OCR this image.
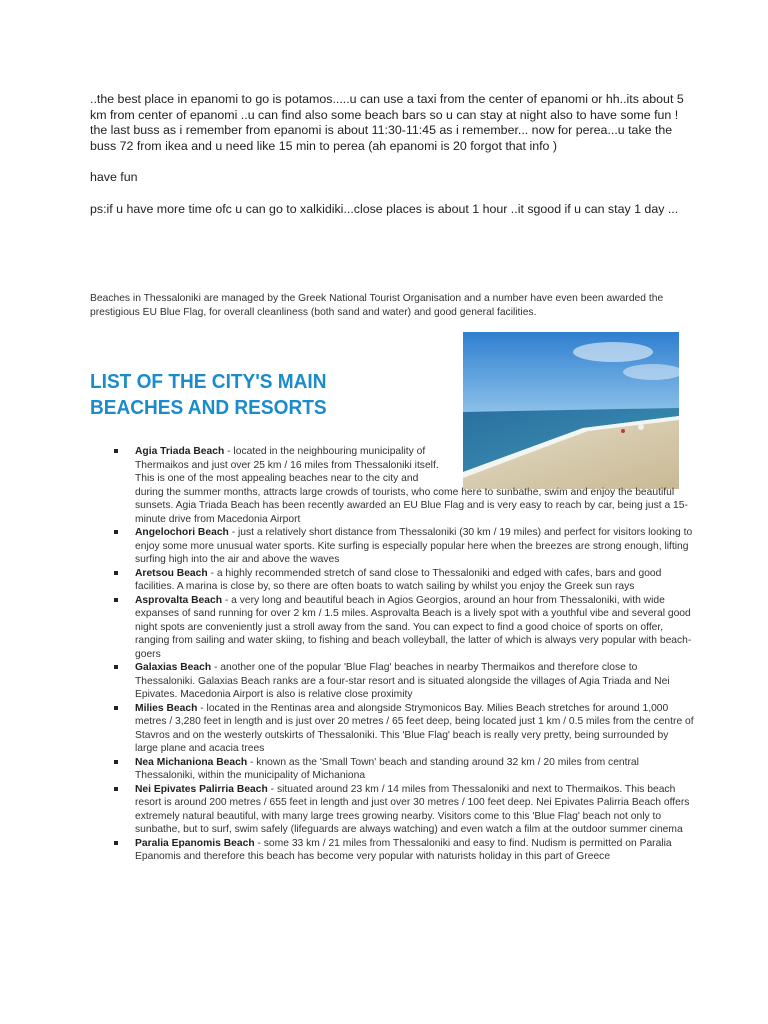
..the best place in epanomi to go is potamos.....u can use a taxi from the center of epanomi or hh..its about 5 km from center of epanomi ..u can find also some beach bars so u can stay at night also to have some fun ! the last buss as i remember from epanomi is about 11:30-11:45 as i remember... now for perea...u take the buss 72 from ikea and u need like 15 min to perea (ah epanomi is 20 forgot that info )

have fun

ps:if u have more time ofc u can go to xalkidiki...close places is about 1 hour ..it sgood if u can stay 1 day ...

Beaches in Thessaloniki are managed by the Greek National Tourist Organisation and a number have even been awarded the prestigious EU Blue Flag, for overall cleanliness (both sand and water) and good general facilities.
LIST OF THE CITY'S MAIN BEACHES AND RESORTS
Agia Triada Beach - located in the neighbouring municipality of Thermaikos and just over 25 km / 16 miles from Thessaloniki itself. This is one of the most appealing beaches near to the city and during the summer months, attracts large crowds of tourists, who come here to sunbathe, swim and enjoy the beautiful sunsets. Agia Triada Beach has been recently awarded an EU Blue Flag and is very easy to reach by car, being just a 15-minute drive from Macedonia Airport
Angelochori Beach - just a relatively short distance from Thessaloniki (30 km / 19 miles) and perfect for visitors looking to enjoy some more unusual water sports. Kite surfing is especially popular here when the breezes are strong enough, lifting surfing high into the air and above the waves
Aretsou Beach - a highly recommended stretch of sand close to Thessaloniki and edged with cafes, bars and good facilities. A marina is close by, so there are often boats to watch sailing by whilst you enjoy the Greek sun rays
Asprovalta Beach - a very long and beautiful beach in Agios Georgios, around an hour from Thessaloniki, with wide expanses of sand running for over 2 km / 1.5 miles. Asprovalta Beach is a lively spot with a youthful vibe and several good night spots are conveniently just a stroll away from the sand. You can expect to find a good choice of sports on offer, ranging from sailing and water skiing, to fishing and beach volleyball, the latter of which is always very popular with beach-goers
Galaxias Beach - another one of the popular 'Blue Flag' beaches in nearby Thermaikos and therefore close to Thessaloniki. Galaxias Beach ranks are a four-star resort and is situated alongside the villages of Agia Triada and Nei Epivates. Macedonia Airport is also is relative close proximity
Milies Beach - located in the Rentinas area and alongside Strymonicos Bay. Milies Beach stretches for around 1,000 metres / 3,280 feet in length and is just over 20 metres / 65 feet deep, being located just 1 km / 0.5 miles from the centre of Stavros and on the westerly outskirts of Thessaloniki. This 'Blue Flag' beach is really very pretty, being surrounded by large plane and acacia trees
Nea Michaniona Beach - known as the 'Small Town' beach and standing around 32 km / 20 miles from central Thessaloniki, within the municipality of Michaniona
Nei Epivates Palirria Beach - situated around 23 km / 14 miles from Thessaloniki and next to Thermaikos. This beach resort is around 200 metres / 655 feet in length and just over 30 metres / 100 feet deep. Nei Epivates Palirria Beach offers extremely natural beautiful, with many large trees growing nearby. Visitors come to this 'Blue Flag' beach not only to sunbathe, but to surf, swim safely (lifeguards are always watching) and even watch a film at the outdoor summer cinema
Paralia Epanomis Beach - some 33 km / 21 miles from Thessaloniki and easy to find. Nudism is permitted on Paralia Epanomis and therefore this beach has become very popular with naturists holiday in this part of Greece
